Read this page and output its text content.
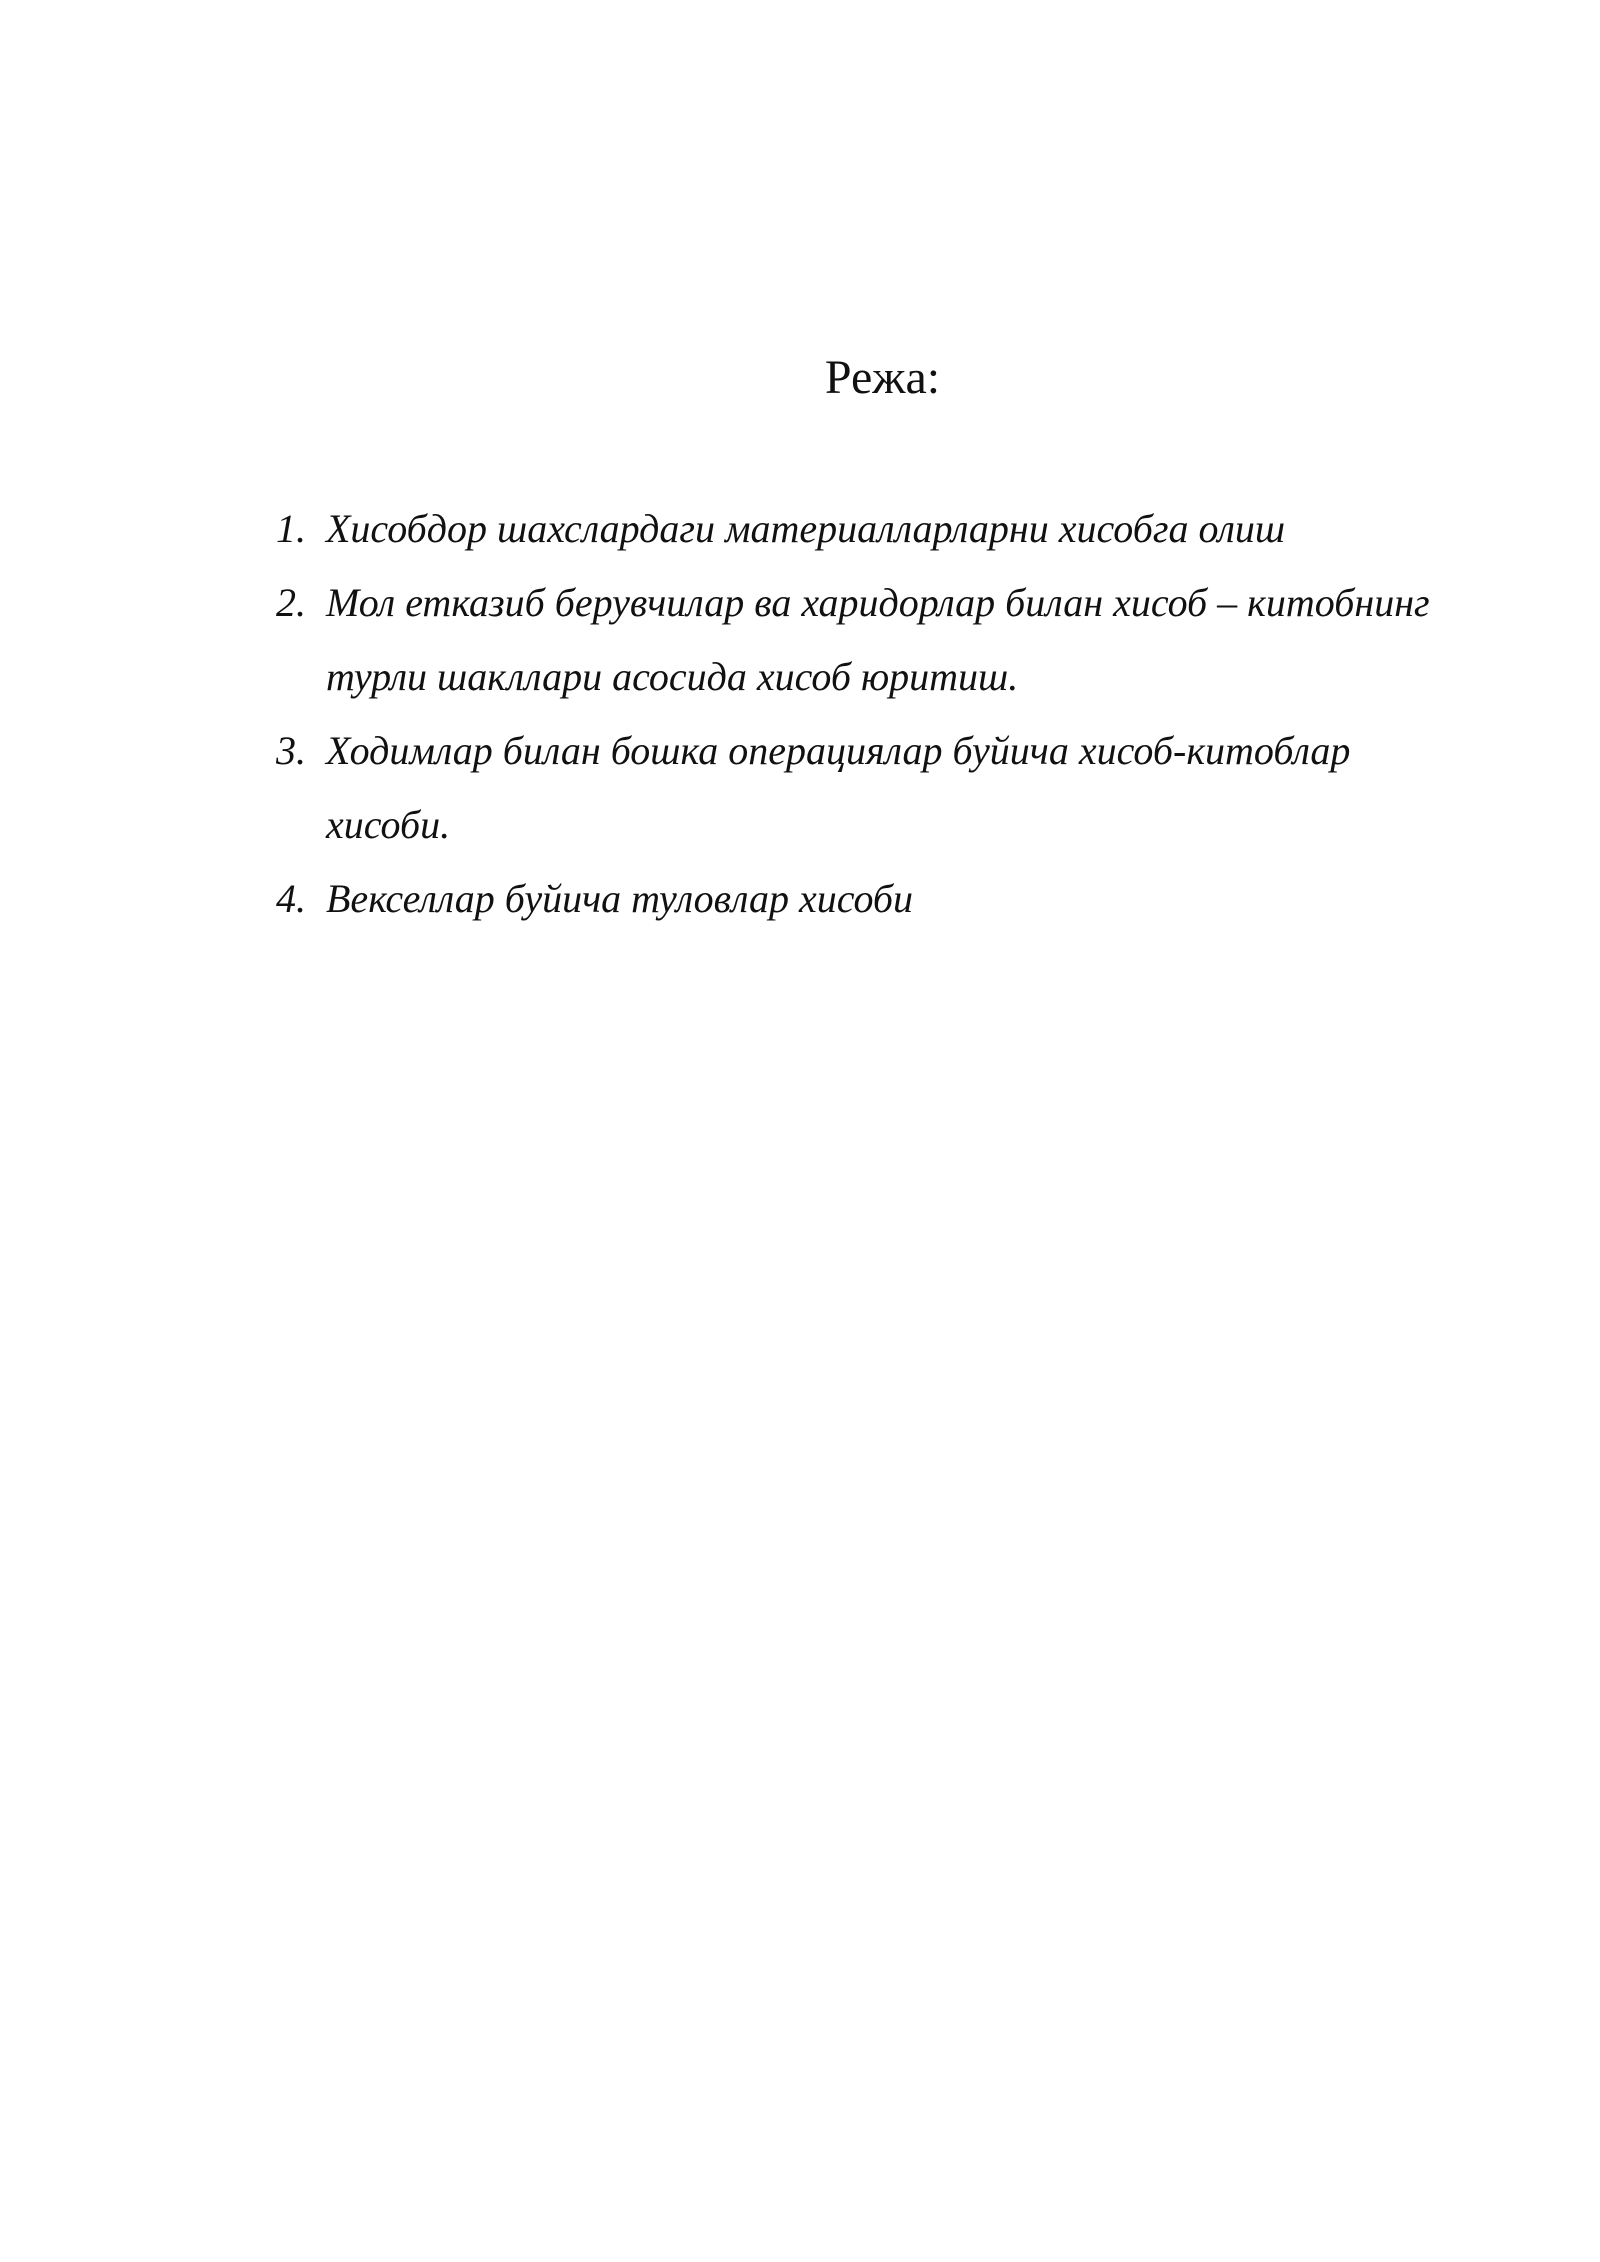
Режа:
1. Хисобдор шахслардаги материалларларни хисобга олиш
2. Мол етказиб берувчилар ва харидорлар билан хисоб – китобнинг турли шакллари асосида хисоб юритиш.
3. Ходимлар билан бошка операциялар буйича хисоб-китоблар хисоби.
4. Векселлар буйича туловлар хисоби
